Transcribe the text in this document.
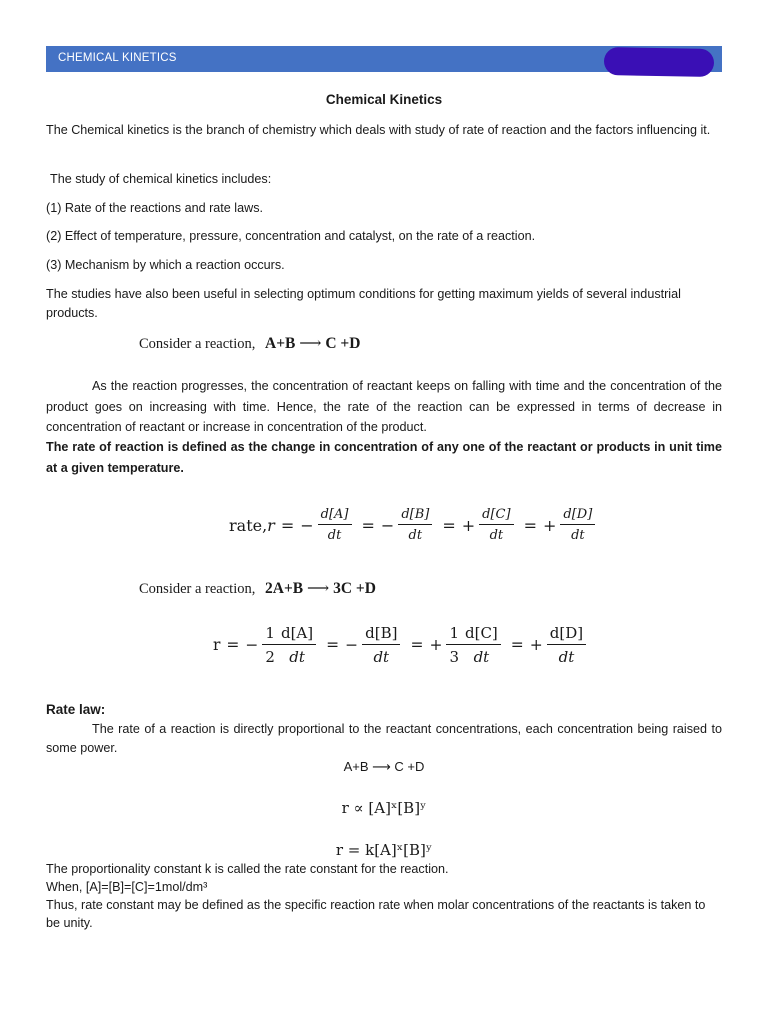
CHEMICAL KINETICS
Chemical Kinetics
The Chemical kinetics is the branch of chemistry which deals with study of rate of reaction and the factors influencing it.
The study of chemical kinetics includes:
(1) Rate of the reactions and rate laws.
(2) Effect of temperature, pressure, concentration and catalyst, on the rate of a reaction.
(3) Mechanism by which a reaction occurs.
The studies have also been useful in selecting optimum conditions for getting maximum yields of several industrial products.
Consider a reaction, A+B ⟶ C +D
As the reaction progresses, the concentration of reactant keeps on falling with time and the concentration of the product goes on increasing with time. Hence, the rate of the reaction can be expressed in terms of decrease in concentration of reactant or increase in concentration of the product.
The rate of reaction is defined as the change in concentration of any one of the reactant or products in unit time at a given temperature.
rate, r = − $\frac{d[A]}{dt}$ = − $\frac{d[B]}{dt}$ = + $\frac{d[C]}{dt}$ = + $\frac{d[D]}{dt}$
Consider a reaction, 2A+B ⟶ 3C +D
r = − $\frac{1}{2} \frac{d[A]}{dt}$ = − $\frac{d[B]}{dt}$ = + $\frac{1}{3} \frac{d[C]}{dt}$ = + $\frac{d[D]}{dt}$
Rate law:
The rate of a reaction is directly proportional to the reactant concentrations, each concentration being raised to some power.
A+B ⟶ C +D
r ∝ [A]ˣ[B]ʸ
r = k[A]ˣ[B]ʸ
The proportionality constant k is called the rate constant for the reaction.
When, [A]=[B]=[C]=1mol/dm³
Thus, rate constant may be defined as the specific reaction rate when molar concentrations of the reactants is taken to be unity.
